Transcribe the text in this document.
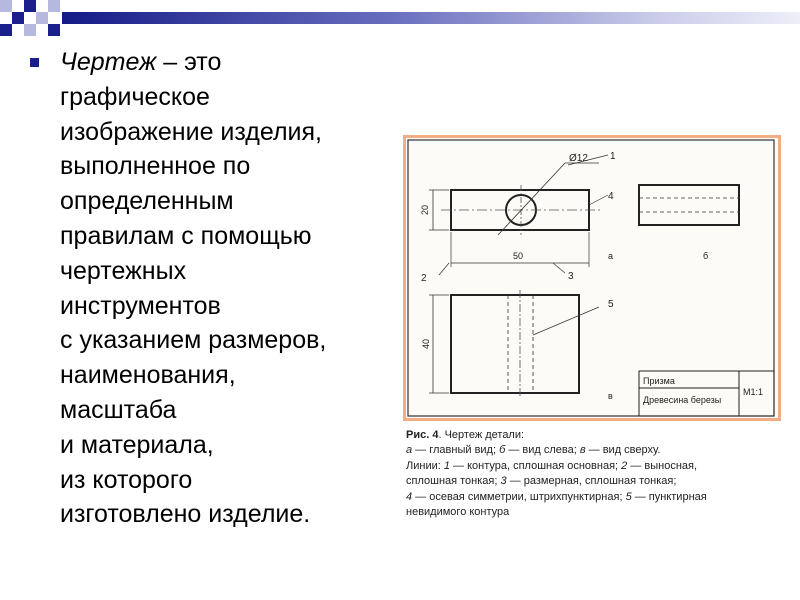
Чертеж – это
графическое
изображение изделия,
выполненное по
определенным
правилам с помощью
чертежных
инструментов
с указанием размеров,
наименования,
масштаба
и материала,
из которого
изготовлено изделие.
Ø12
20
50
1
4
2	3
а	б
40
5
в
Призма
М1:1
Древесина березы
Рис. 4. Чертеж детали:
а — главный вид; б — вид слева; в — вид сверху.
Линии: 1 — контура, сплошная основная; 2 — выносная,
сплошная тонкая; 3 — размерная, сплошная тонкая;
4 — осевая симметрии, штрихпунктирная; 5 — пунктирная
невидимого контура
